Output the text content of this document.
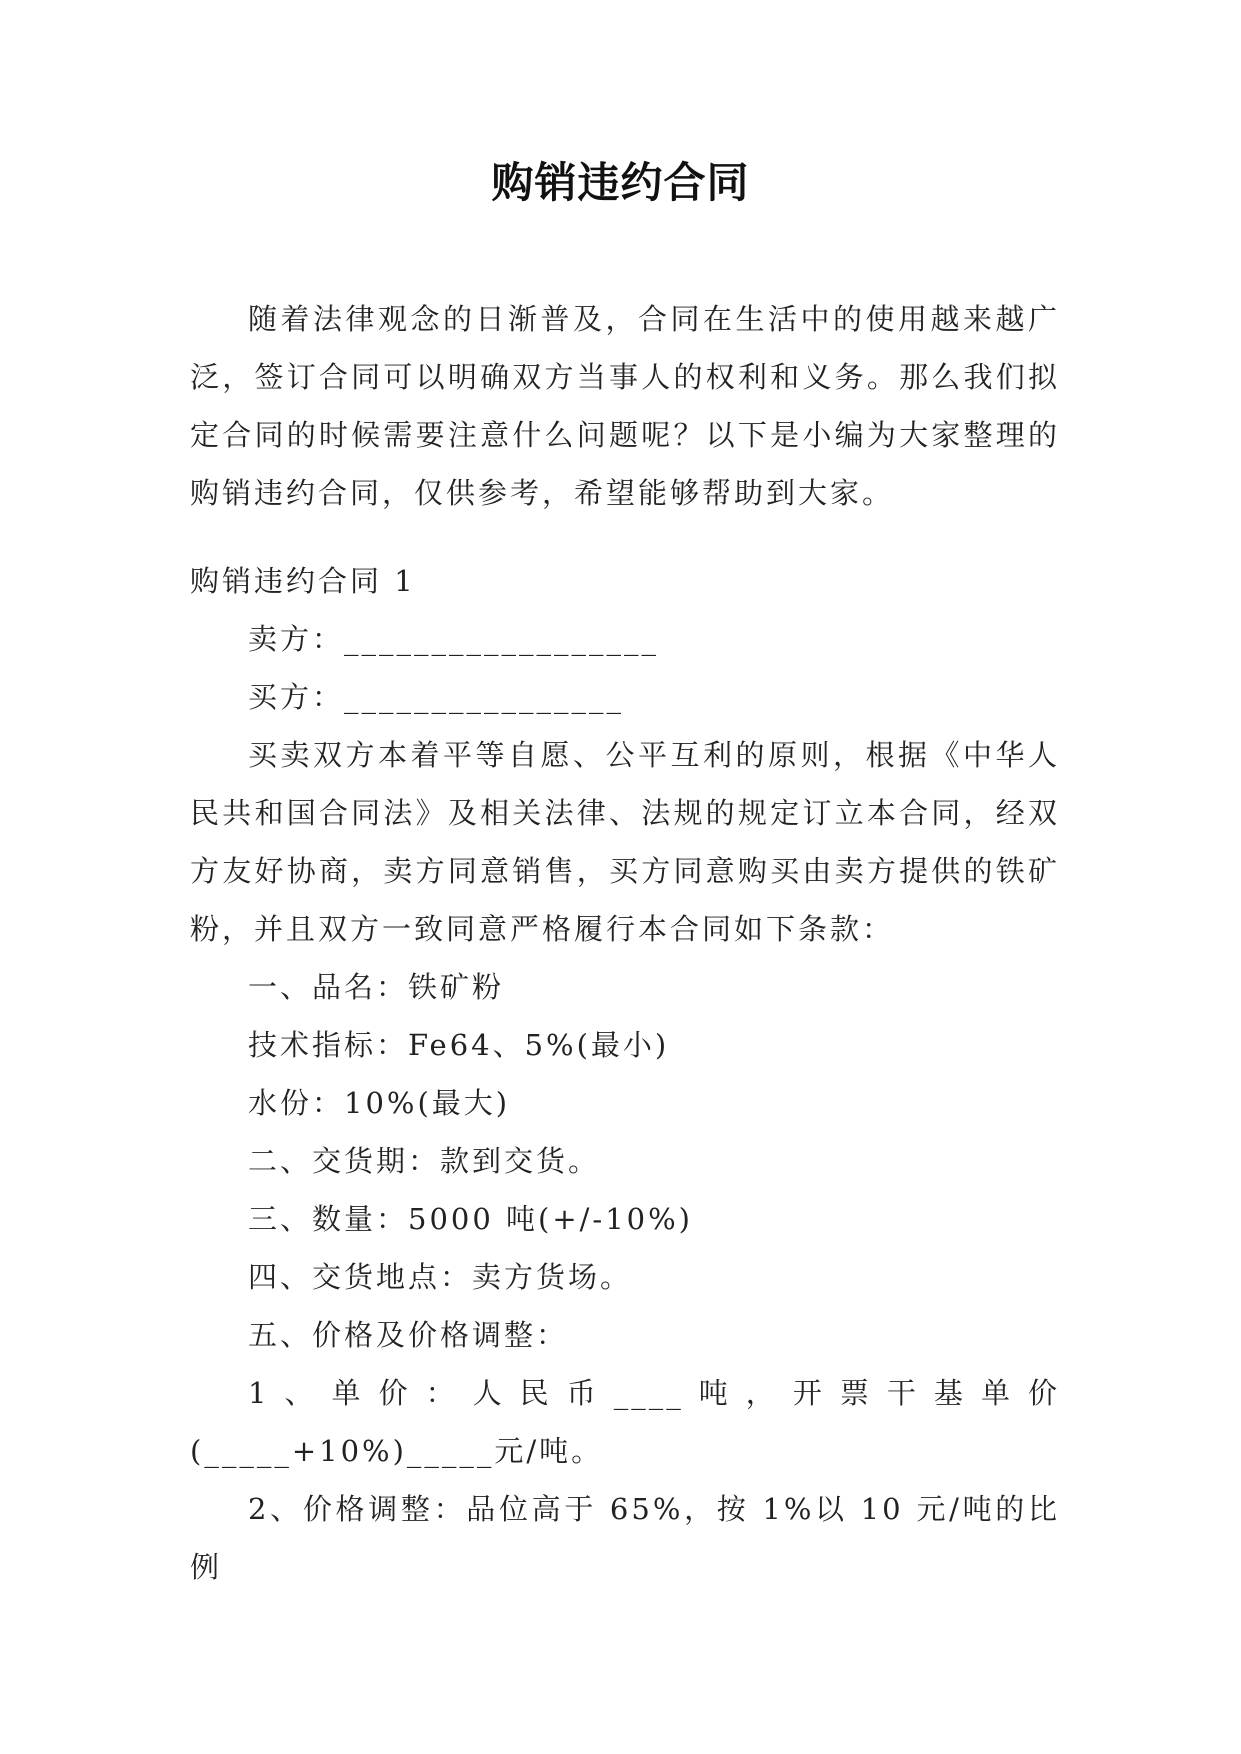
购销违约合同

随着法律观念的日渐普及，合同在生活中的使用越来越广泛，签订合同可以明确双方当事人的权利和义务。那么我们拟定合同的时候需要注意什么问题呢？以下是小编为大家整理的购销违约合同，仅供参考，希望能够帮助到大家。

购销违约合同 1

卖方：__________________

买方：________________

买卖双方本着平等自愿、公平互利的原则，根据《中华人民共和国合同法》及相关法律、法规的规定订立本合同，经双方友好协商，卖方同意销售，买方同意购买由卖方提供的铁矿粉，并且双方一致同意严格履行本合同如下条款：

一、品名：铁矿粉

技术指标：Fe64、5%(最小)

水份：10%(最大)

二、交货期：款到交货。

三、数量：5000 吨(+/-10%)

四、交货地点：卖方货场。

五、价格及价格调整：

1、单价：人民币____吨，开票干基单价(_____+10%)_____元/吨。

2、价格调整：品位高于 65%，按 1%以 10 元/吨的比例
